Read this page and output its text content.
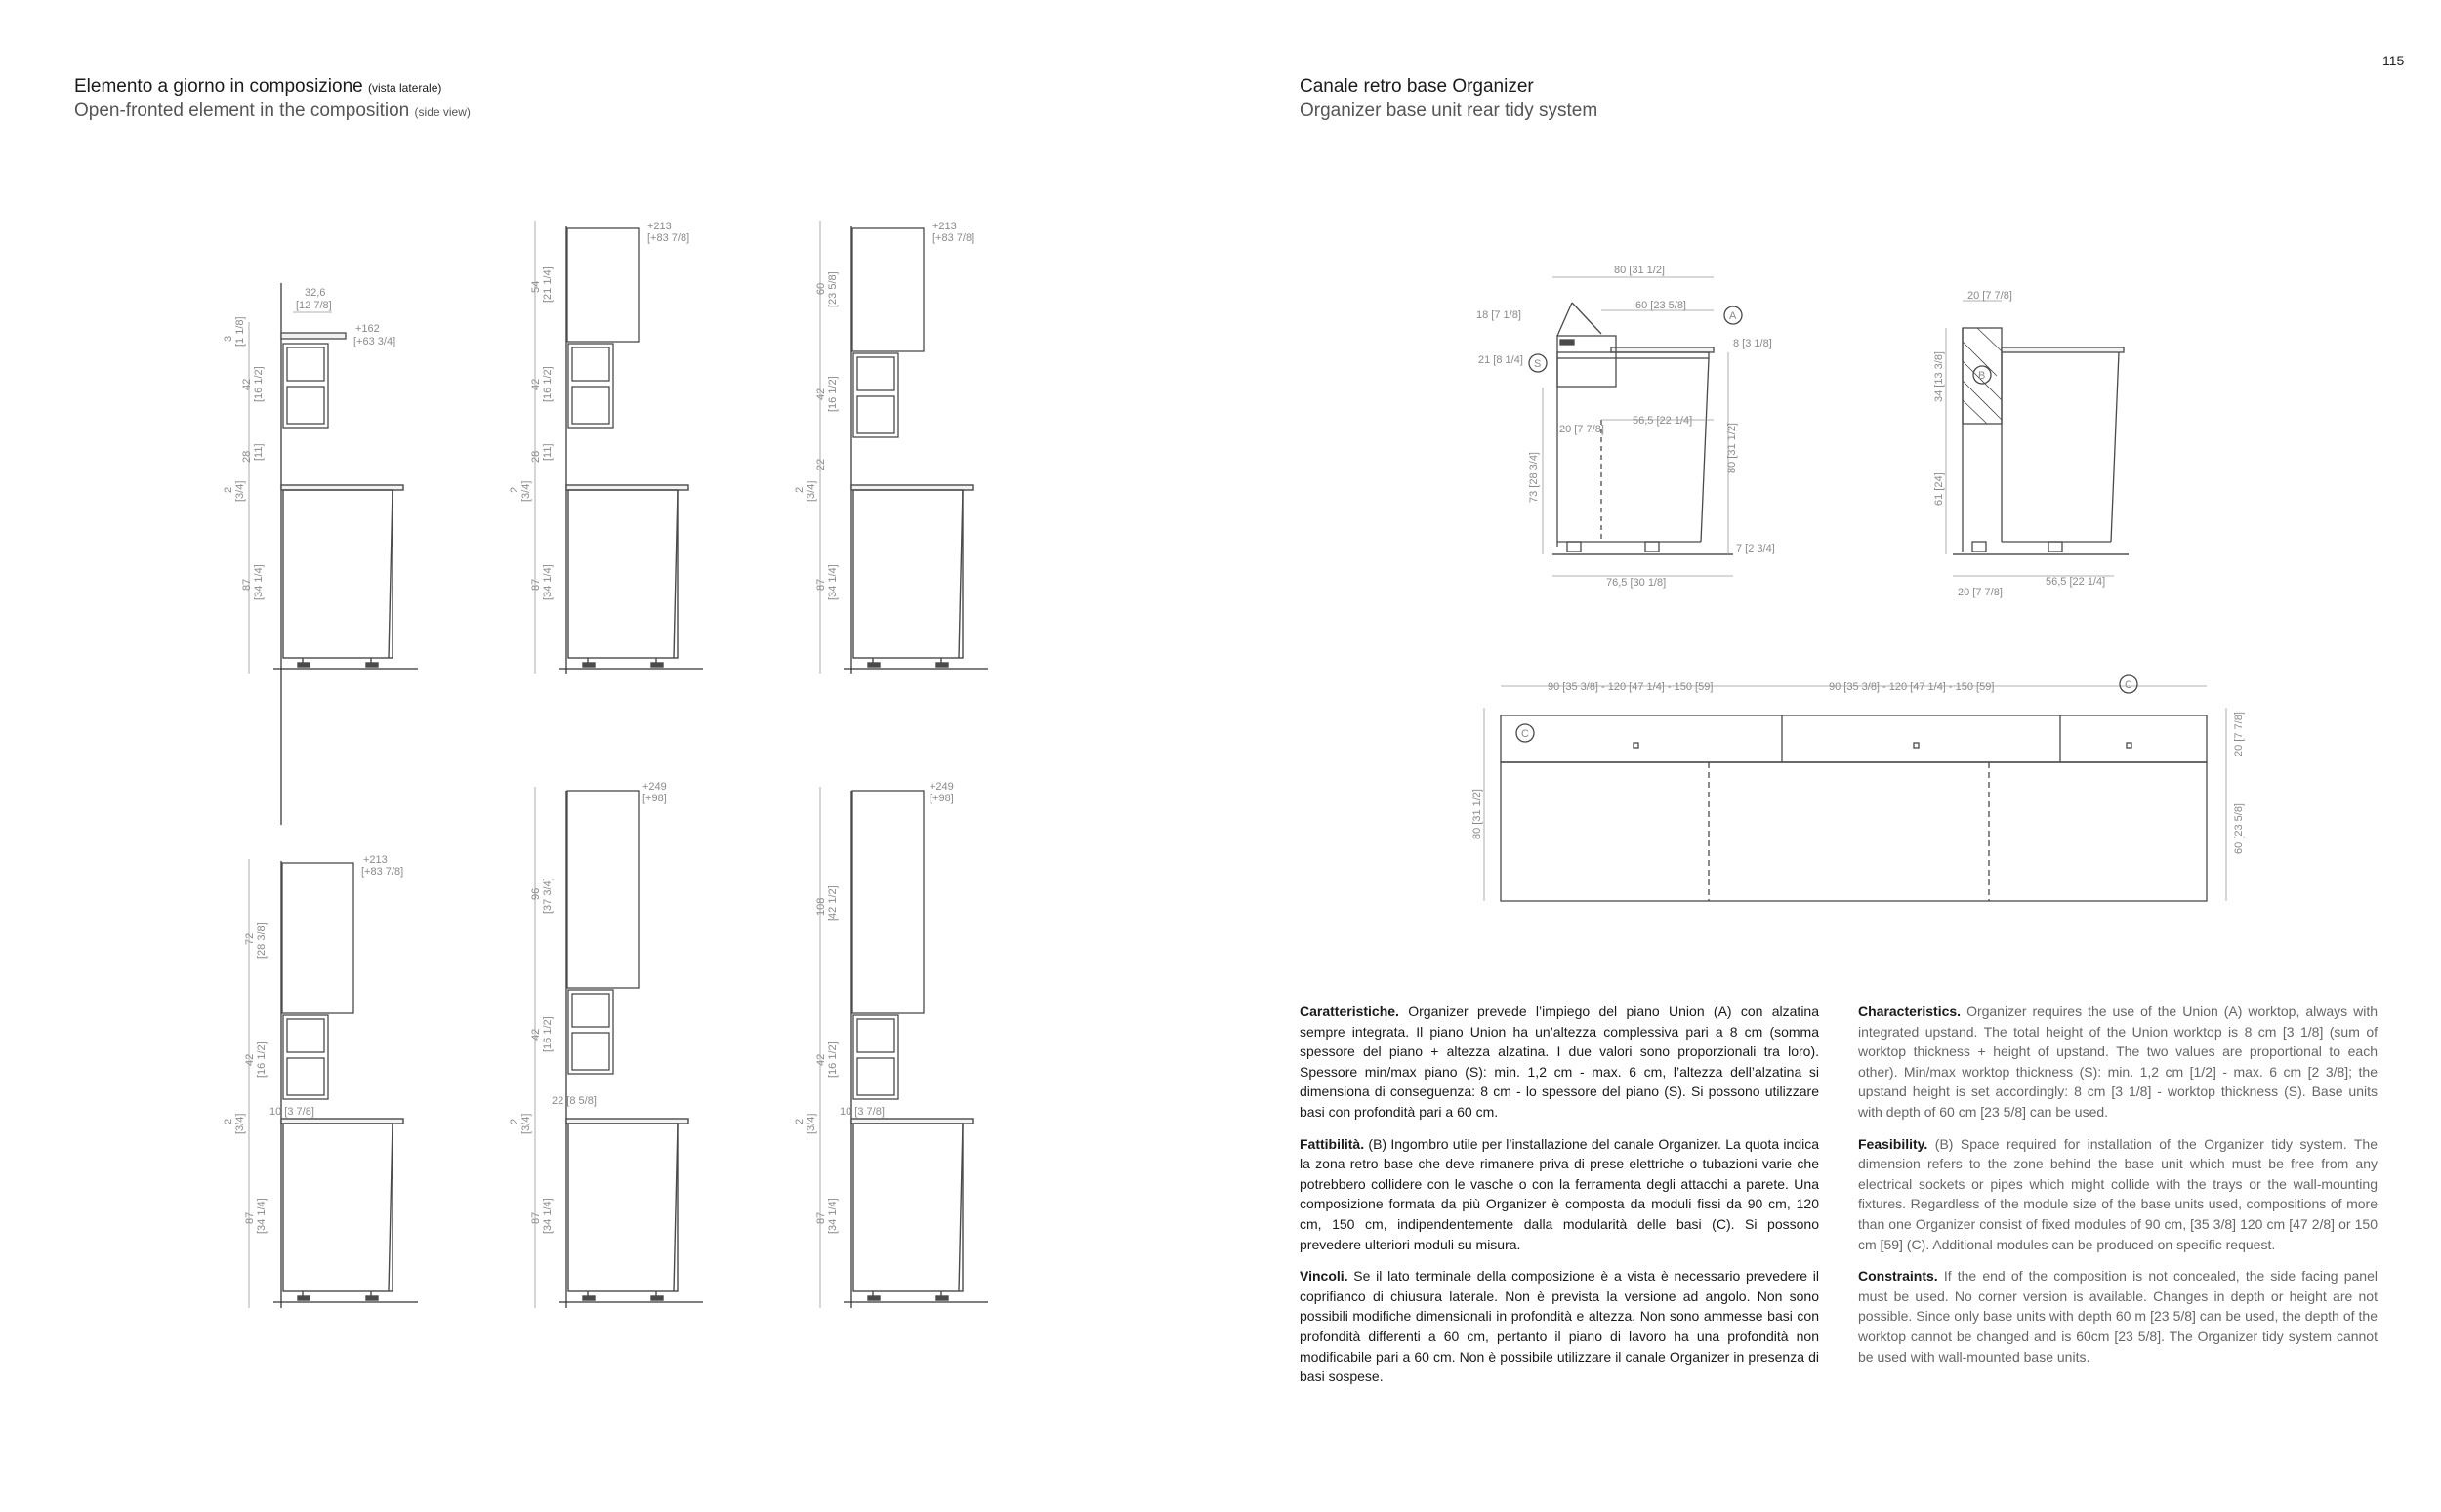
115
Elemento a giorno in composizione (vista laterale)
Open-fronted element in the composition (side view)
Canale retro base Organizer
Organizer base unit rear tidy system
32,6
[12 7/8]
+162
[+63 3/4]
3 [1 1/8]
42 [16 1/2]
28 [11]
2 [3/4]
87 [34 1/4]
+213
[+83 7/8]
54 [21 1/4]
42 [16 1/2]
28 [11]
2 [3/4]
87 [34 1/4]
+213
[+83 7/8]
60 [23 5/8]
42 [16 1/2]
22
2 [3/4]
87 [34 1/4]
+213
[+83 7/8]
72 [28 3/8]
42 [16 1/2]
10 [3 7/8]
2 [3/4]
87 [34 1/4]
+249
[+98]
96 [37 3/4]
42 [16 1/2]
22 [8 5/8]
2 [3/4]
87 [34 1/4]
+249
[+98]
108 [42 1/2]
42 [16 1/2]
10 [3 7/8]
2 [3/4]
87 [34 1/4]
80 [31 1/2]
60 [23 5/8]
18 [7 1/8]
21 [8 1/4]
8 [3 1/8]
A
S
20 [7 7/8]
56,5 [22 1/4]
80 [31 1/2]
73 [28 3/4]
7 [2 3/4]
76,5 [30 1/8]
20 [7 7/8]
34 [13 3/8]	B
61 [24]
20 [7 7/8]
56,5 [22 1/4]
90 [35 3/8] - 120 [47 1/4] - 150 [59]	90 [35 3/8] - 120 [47 1/4] - 150 [59]
C
C
80 [31 1/2]
20 [7 7/8]
60 [23 5/8]

Caratteristiche. Organizer prevede l’impiego del piano Union (A) con alzatina sempre integrata. Il piano Union ha un’altezza complessiva pari a 8 cm (somma spessore del piano + altezza alzatina. I due valori sono proporzionali tra loro). Spessore min/max piano (S): min. 1,2 cm - max. 6 cm, l’altezza dell’alzatina si dimensiona di conseguenza: 8 cm - lo spessore del piano (S). Si possono utilizzare basi con profondità pari a 60 cm.

Fattibilità. (B) Ingombro utile per l’installazione del canale Organizer. La quota indica la zona retro base che deve rimanere priva di prese elettriche o tubazioni varie che potrebbero collidere con le vasche o con la ferramenta degli attacchi a parete. Una composizione formata da più Organizer è composta da moduli fissi da 90 cm, 120 cm, 150 cm, indipendentemente dalla modularità delle basi (C). Si possono prevedere ulteriori moduli su misura.

Vincoli. Se il lato terminale della composizione è a vista è necessario prevedere il coprifianco di chiusura laterale. Non è prevista la versione ad angolo. Non sono possibili modifiche dimensionali in profondità e altezza. Non sono ammesse basi con profondità differenti a 60 cm, pertanto il piano di lavoro ha una profondità non modificabile pari a 60 cm. Non è possibile utilizzare il canale Organizer in presenza di basi sospese.

Characteristics. Organizer requires the use of the Union (A) worktop, always with integrated upstand. The total height of the Union worktop is 8 cm [3 1/8] (sum of worktop thickness + height of upstand. The two values are proportional to each other). Min/max worktop thickness (S): min. 1,2 cm [1/2] - max. 6 cm [2 3/8]; the upstand height is set accordingly: 8 cm [3 1/8] - worktop thickness (S). Base units with depth of 60 cm [23 5/8] can be used.

Feasibility. (B) Space required for installation of the Organizer tidy system. The dimension refers to the zone behind the base unit which must be free from any electrical sockets or pipes which might collide with the trays or the wall-mounting fixtures. Regardless of the module size of the base units used, compositions of more than one Organizer consist of fixed modules of 90 cm, [35 3/8] 120 cm [47 2/8] or 150 cm [59] (C). Additional modules can be produced on specific request.

Constraints. If the end of the composition is not concealed, the side facing panel must be used. No corner version is available. Changes in depth or height are not possible. Since only base units with depth 60 m [23 5/8] can be used, the depth of the worktop cannot be changed and is 60cm [23 5/8]. The Organizer tidy system cannot be used with wall-mounted base units.
